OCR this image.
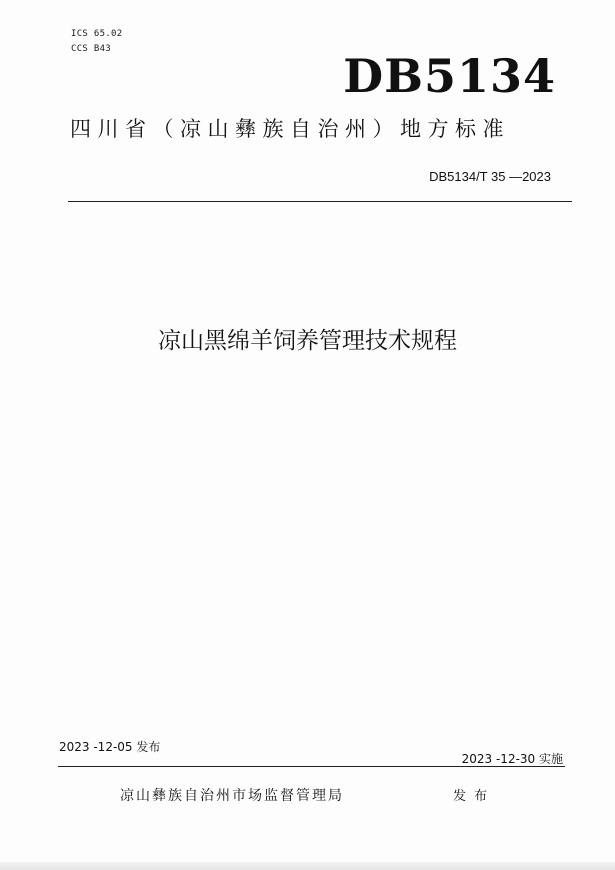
ICS 65.02
CCS B43	DB5134
四川省（凉山彝族自治州）地方标准
DB5134/T 35 —2023
凉山黑绵羊饲养管理技术规程
2023 -12-05 发布
2023 -12-30 实施
凉山彝族自治州市场监督管理局	发布
